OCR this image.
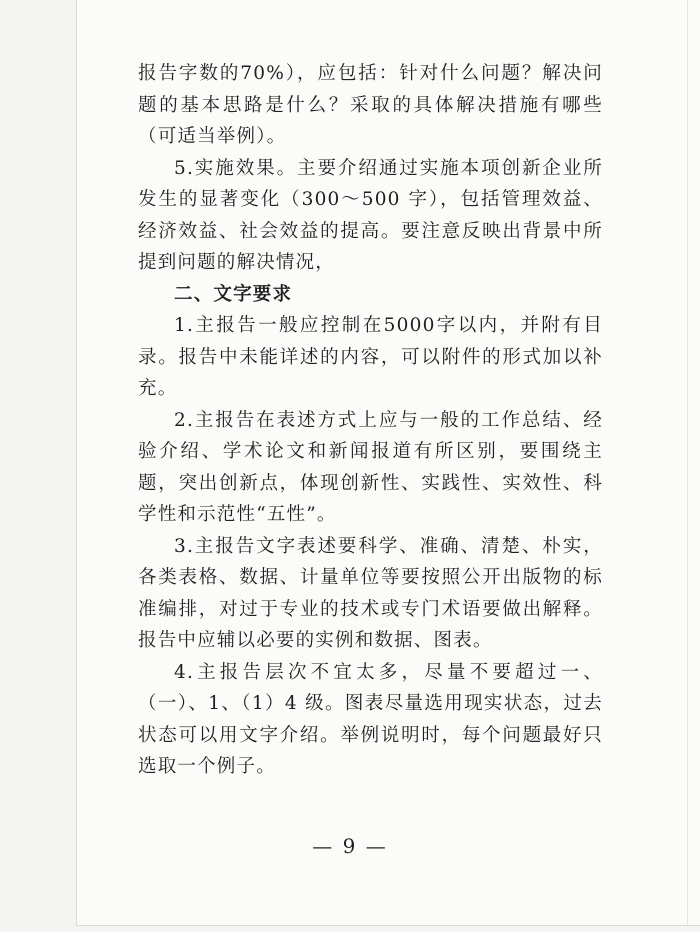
报告字数的70%），应包括：针对什么问题？解决问题的基本思路是什么？采取的具体解决措施有哪些（可适当举例）。

5.实施效果。主要介绍通过实施本项创新企业所发生的显著变化（300～500 字），包括管理效益、经济效益、社会效益的提高。要注意反映出背景中所提到问题的解决情况，

二、文字要求

1.主报告一般应控制在5000字以内，并附有目录。报告中未能详述的内容，可以附件的形式加以补充。

2.主报告在表述方式上应与一般的工作总结、经验介绍、学术论文和新闻报道有所区别，要围绕主题，突出创新点，体现创新性、实践性、实效性、科学性和示范性“五性”。

3.主报告文字表述要科学、准确、清楚、朴实，各类表格、数据、计量单位等要按照公开出版物的标准编排，对过于专业的技术或专门术语要做出解释。报告中应辅以必要的实例和数据、图表。

4.主报告层次不宜太多，尽量不要超过一、（一）、1、（1）4 级。图表尽量选用现实状态，过去状态可以用文字介绍。举例说明时，每个问题最好只选取一个例子。

— 9 —
